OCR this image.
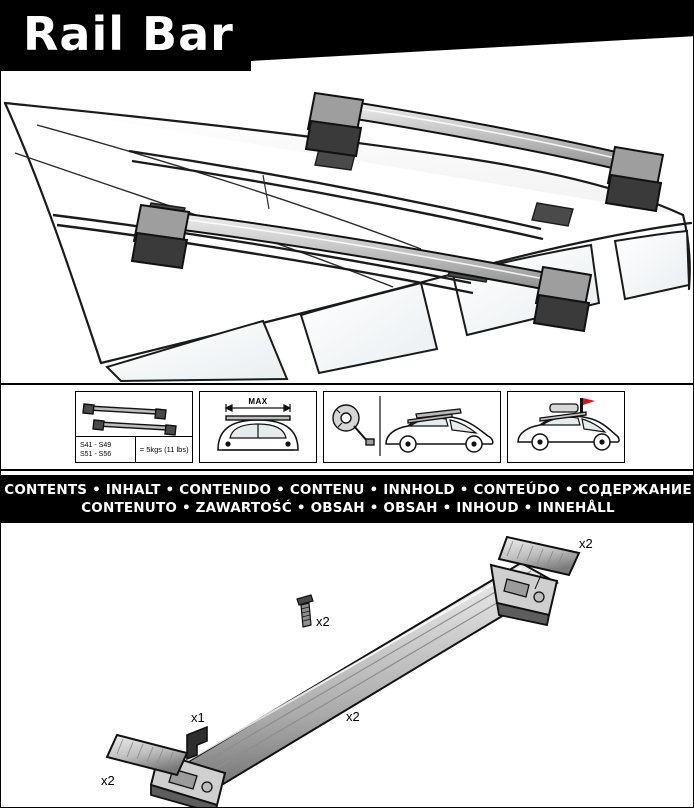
Rail Bar
S41 - S49
S51 - S56	= 5kgs (11 lbs)
MAX
CONTENTS • INHALT • CONTENIDO • CONTENU • INNHOLD • CONTEÚDO • СОДЕРЖАНИЕ
CONTENUTO • ZAWARTOŚĆ • OBSAH • OBSAH • INHOUD • INNEHÅLL
x2
x2
x1	x2
x2
